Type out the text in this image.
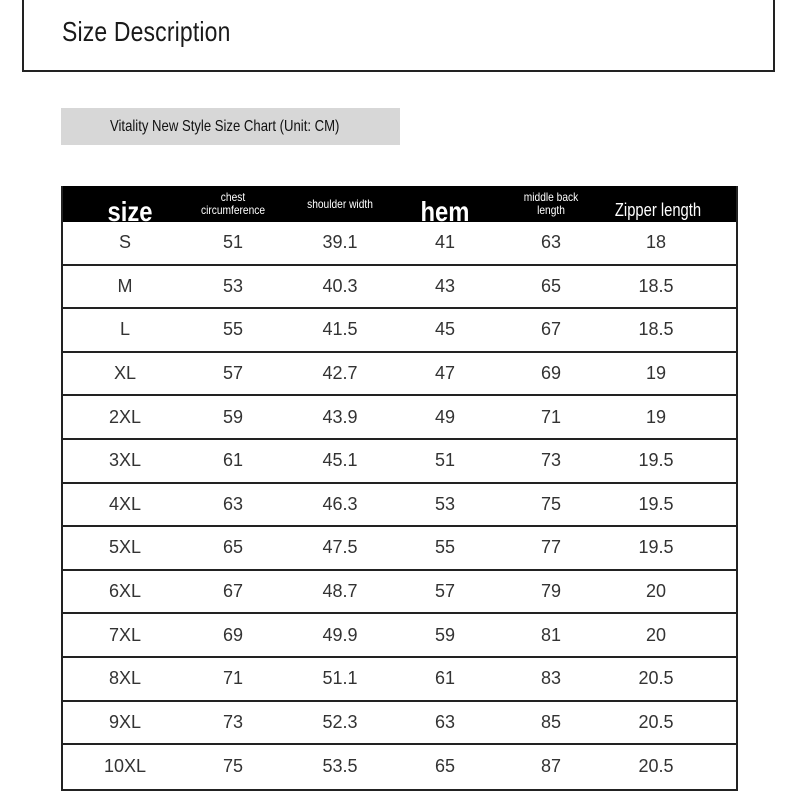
Size Description
Vitality New Style Size Chart (Unit: CM)
size	chest circumference	shoulder width	hem	middle back length	Zipper length
S	51	39.1	41	63	18
M	53	40.3	43	65	18.5
L	55	41.5	45	67	18.5
XL	57	42.7	47	69	19
2XL	59	43.9	49	71	19
3XL	61	45.1	51	73	19.5
4XL	63	46.3	53	75	19.5
5XL	65	47.5	55	77	19.5
6XL	67	48.7	57	79	20
7XL	69	49.9	59	81	20
8XL	71	51.1	61	83	20.5
9XL	73	52.3	63	85	20.5
10XL	75	53.5	65	87	20.5
